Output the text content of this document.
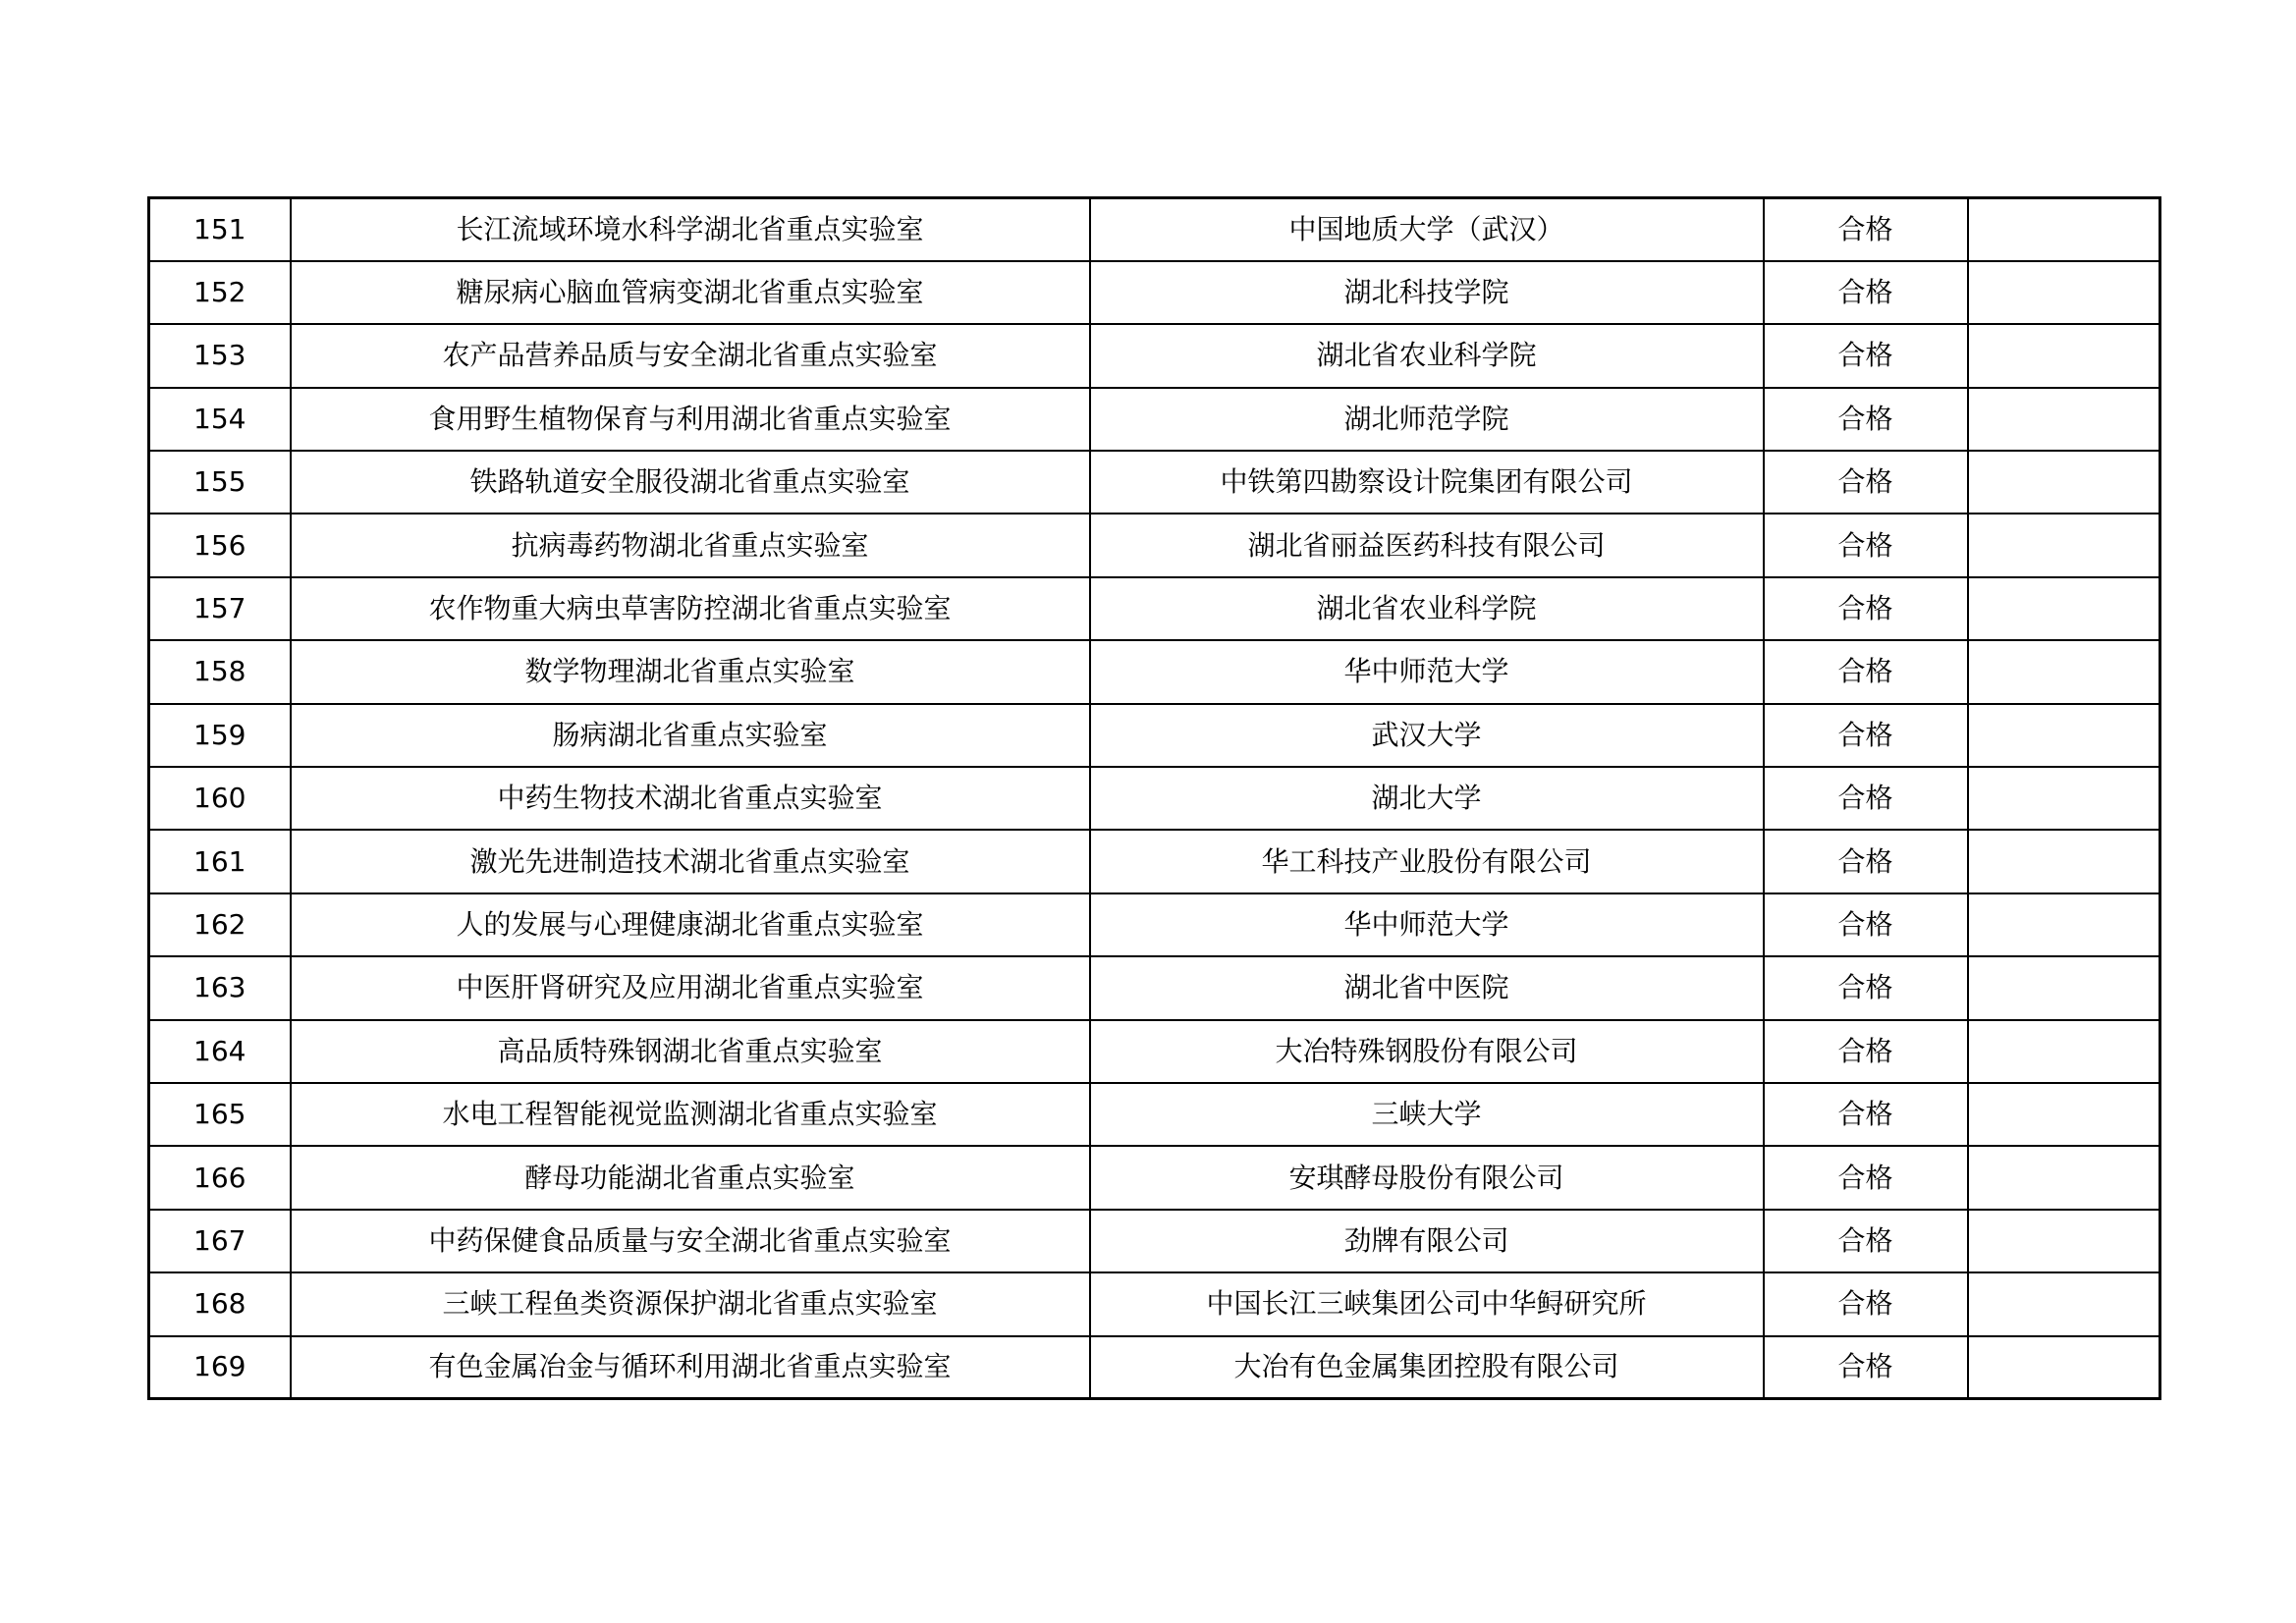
151	长江流域环境水科学湖北省重点实验室	中国地质大学（武汉）	合格	
152	糖尿病心脑血管病变湖北省重点实验室	湖北科技学院	合格	
153	农产品营养品质与安全湖北省重点实验室	湖北省农业科学院	合格	
154	食用野生植物保育与利用湖北省重点实验室	湖北师范学院	合格	
155	铁路轨道安全服役湖北省重点实验室	中铁第四勘察设计院集团有限公司	合格	
156	抗病毒药物湖北省重点实验室	湖北省丽益医药科技有限公司	合格	
157	农作物重大病虫草害防控湖北省重点实验室	湖北省农业科学院	合格	
158	数学物理湖北省重点实验室	华中师范大学	合格	
159	肠病湖北省重点实验室	武汉大学	合格	
160	中药生物技术湖北省重点实验室	湖北大学	合格	
161	激光先进制造技术湖北省重点实验室	华工科技产业股份有限公司	合格	
162	人的发展与心理健康湖北省重点实验室	华中师范大学	合格	
163	中医肝肾研究及应用湖北省重点实验室	湖北省中医院	合格	
164	高品质特殊钢湖北省重点实验室	大冶特殊钢股份有限公司	合格	
165	水电工程智能视觉监测湖北省重点实验室	三峡大学	合格	
166	酵母功能湖北省重点实验室	安琪酵母股份有限公司	合格	
167	中药保健食品质量与安全湖北省重点实验室	劲牌有限公司	合格	
168	三峡工程鱼类资源保护湖北省重点实验室	中国长江三峡集团公司中华鲟研究所	合格	
169	有色金属冶金与循环利用湖北省重点实验室	大冶有色金属集团控股有限公司	合格	
